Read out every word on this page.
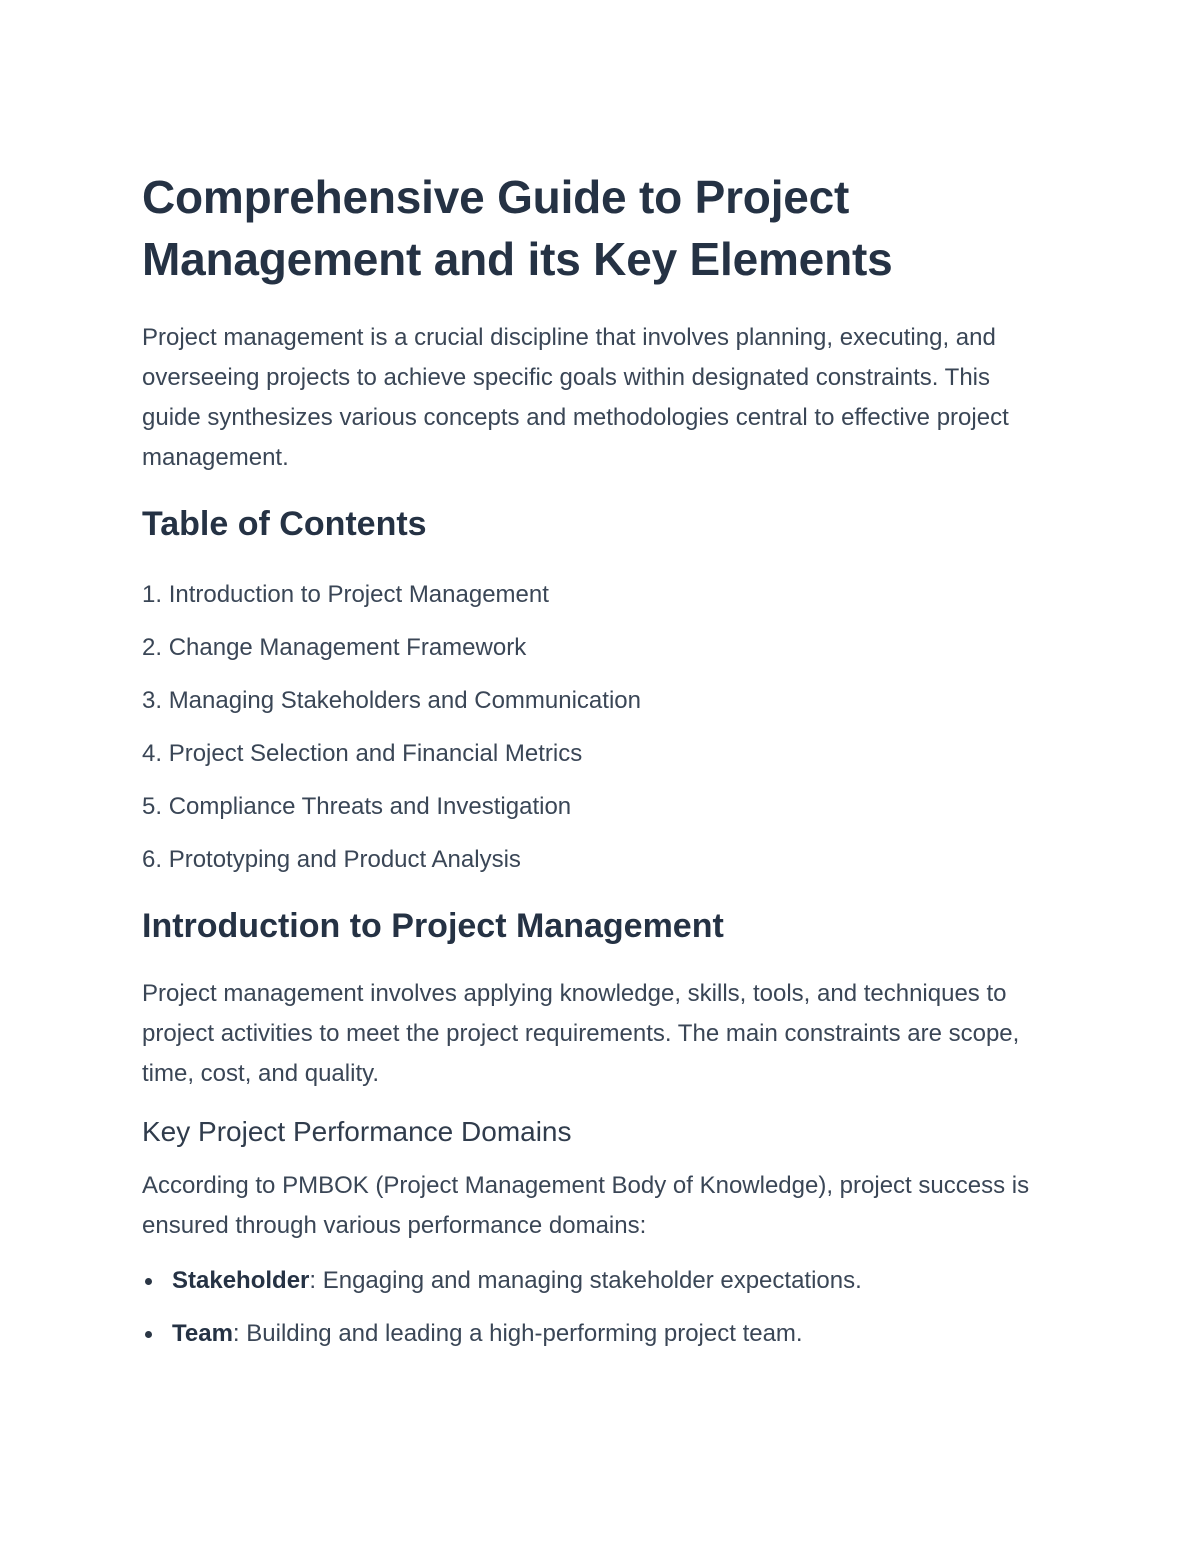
Comprehensive Guide to Project Management and its Key Elements

Project management is a crucial discipline that involves planning, executing, and overseeing projects to achieve specific goals within designated constraints. This guide synthesizes various concepts and methodologies central to effective project management.

Table of Contents
1. Introduction to Project Management
2. Change Management Framework
3. Managing Stakeholders and Communication
4. Project Selection and Financial Metrics
5. Compliance Threats and Investigation
6. Prototyping and Product Analysis
Introduction to Project Management

Project management involves applying knowledge, skills, tools, and techniques to project activities to meet the project requirements. The main constraints are scope, time, cost, and quality.

Key Project Performance Domains

According to PMBOK (Project Management Body of Knowledge), project success is ensured through various performance domains:

Stakeholder: Engaging and managing stakeholder expectations.
Team: Building and leading a high-performing project team.
